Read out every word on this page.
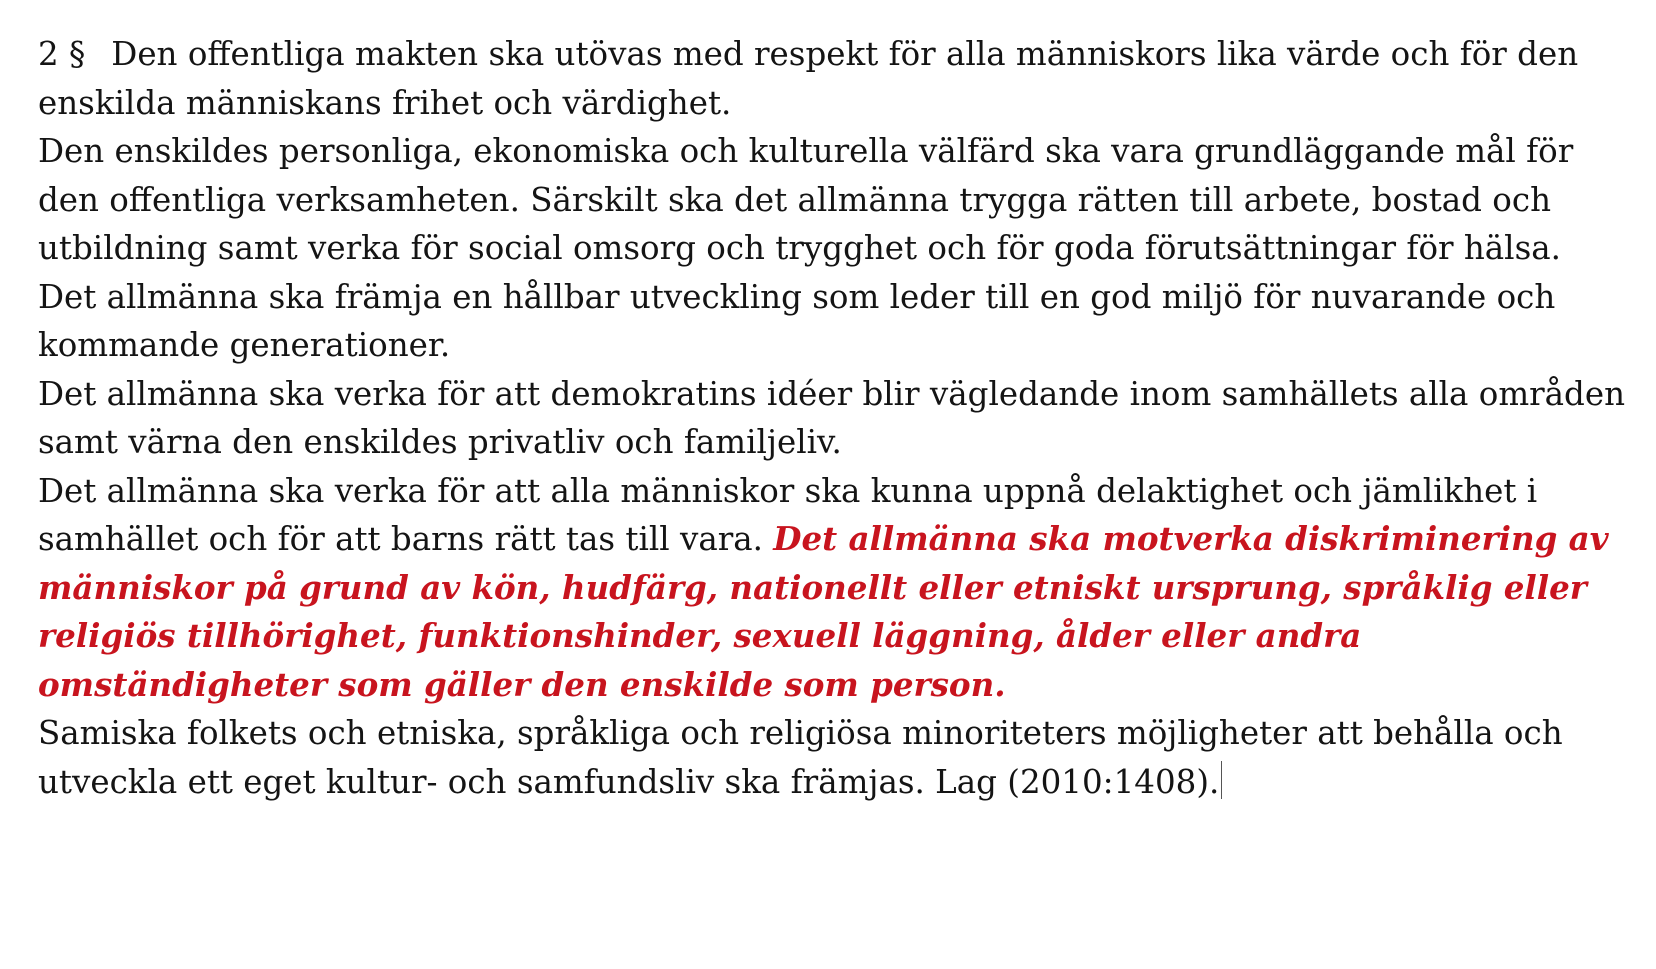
2 § Den offentliga makten ska utövas med respekt för alla människors lika värde och för den enskilda människans frihet och värdighet.

Den enskildes personliga, ekonomiska och kulturella välfärd ska vara grundläggande mål för den offentliga verksamheten. Särskilt ska det allmänna trygga rätten till arbete, bostad och utbildning samt verka för social omsorg och trygghet och för goda förutsättningar för hälsa.

Det allmänna ska främja en hållbar utveckling som leder till en god miljö för nuvarande och kommande generationer.

Det allmänna ska verka för att demokratins idéer blir vägledande inom samhällets alla områden samt värna den enskildes privatliv och familjeliv.

Det allmänna ska verka för att alla människor ska kunna uppnå delaktighet och jämlikhet i samhället och för att barns rätt tas till vara. Det allmänna ska motverka diskriminering av människor på grund av kön, hudfärg, nationellt eller etniskt ursprung, språklig eller religiös tillhörighet, funktionshinder, sexuell läggning, ålder eller andra omständigheter som gäller den enskilde som person.

Samiska folkets och etniska, språkliga och religiösa minoriteters möjligheter att behålla och utveckla ett eget kultur- och samfundsliv ska främjas. Lag (2010:1408).
